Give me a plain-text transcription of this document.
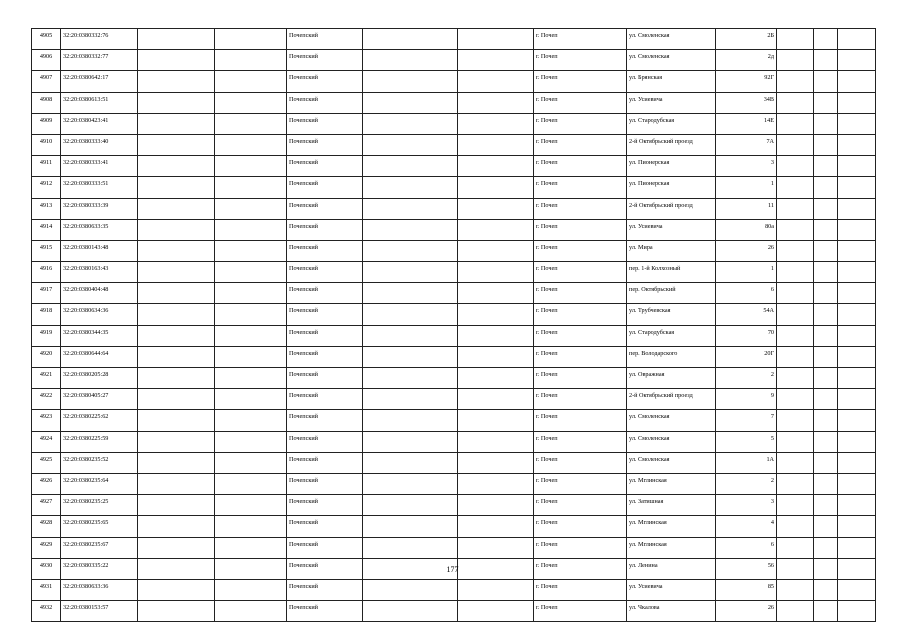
4905	32:20:0380332:76			Почепский			г. Почеп	ул. Смоленская	2Б			
4906	32:20:0380332:77			Почепский			г. Почеп	ул. Смоленская	2д			
4907	32:20:0380642:17			Почепский			г. Почеп	ул. Брянская	92Г			
4908	32:20:0380613:51			Почепский			г. Почеп	ул. Усиевича	34В			
4909	32:20:0380423:41			Почепский			г. Почеп	ул. Стародубская	14Е			
4910	32:20:0380333:40			Почепский			г. Почеп	2-й Октябрьский проезд	7А			
4911	32:20:0380333:41			Почепский			г. Почеп	ул. Пионерская	3			
4912	32:20:0380333:51			Почепский			г. Почеп	ул. Пионерская	1			
4913	32:20:0380333:39			Почепский			г. Почеп	2-й Октябрьский проезд	11			
4914	32:20:0380633:35			Почепский			г. Почеп	ул. Усиевича	80а			
4915	32:20:0380143:48			Почепский			г. Почеп	ул. Мира	26			
4916	32:20:0380163:43			Почепский			г. Почеп	пер. 1-й Колхозный	1			
4917	32:20:0380404:48			Почепский			г. Почеп	пер. Октябрьский	6			
4918	32:20:0380634:36			Почепский			г. Почеп	ул. Трубчевская	54А			
4919	32:20:0380344:35			Почепский			г. Почеп	ул. Стародубская	70			
4920	32:20:0380644:64			Почепский			г. Почеп	пер. Володарского	20Г			
4921	32:20:0380205:28			Почепский			г. Почеп	ул. Овражная	2			
4922	32:20:0380405:27			Почепский			г. Почеп	2-й Октябрьский проезд	9			
4923	32:20:0380225:62			Почепский			г. Почеп	ул. Смоленская	7			
4924	32:20:0380225:59			Почепский			г. Почеп	ул. Смоленская	5			
4925	32:20:0380235:52			Почепский			г. Почеп	ул. Смоленская	1А			
4926	32:20:0380235:64			Почепский			г. Почеп	ул. Мглинская	2			
4927	32:20:0380235:25			Почепский			г. Почеп	ул. Затишная	3			
4928	32:20:0380235:65			Почепский			г. Почеп	ул. Мглинская	4			
4929	32:20:0380235:67			Почепский			г. Почеп	ул. Мглинская	6			
4930	32:20:0380335:22			Почепский			г. Почеп	ул. Ленина	56			
4931	32:20:0380633:36			Почепский			г. Почеп	ул. Усиевича	85			
4932	32:20:0380153:57			Почепский			г. Почеп	ул. Чкалова	26			
177
